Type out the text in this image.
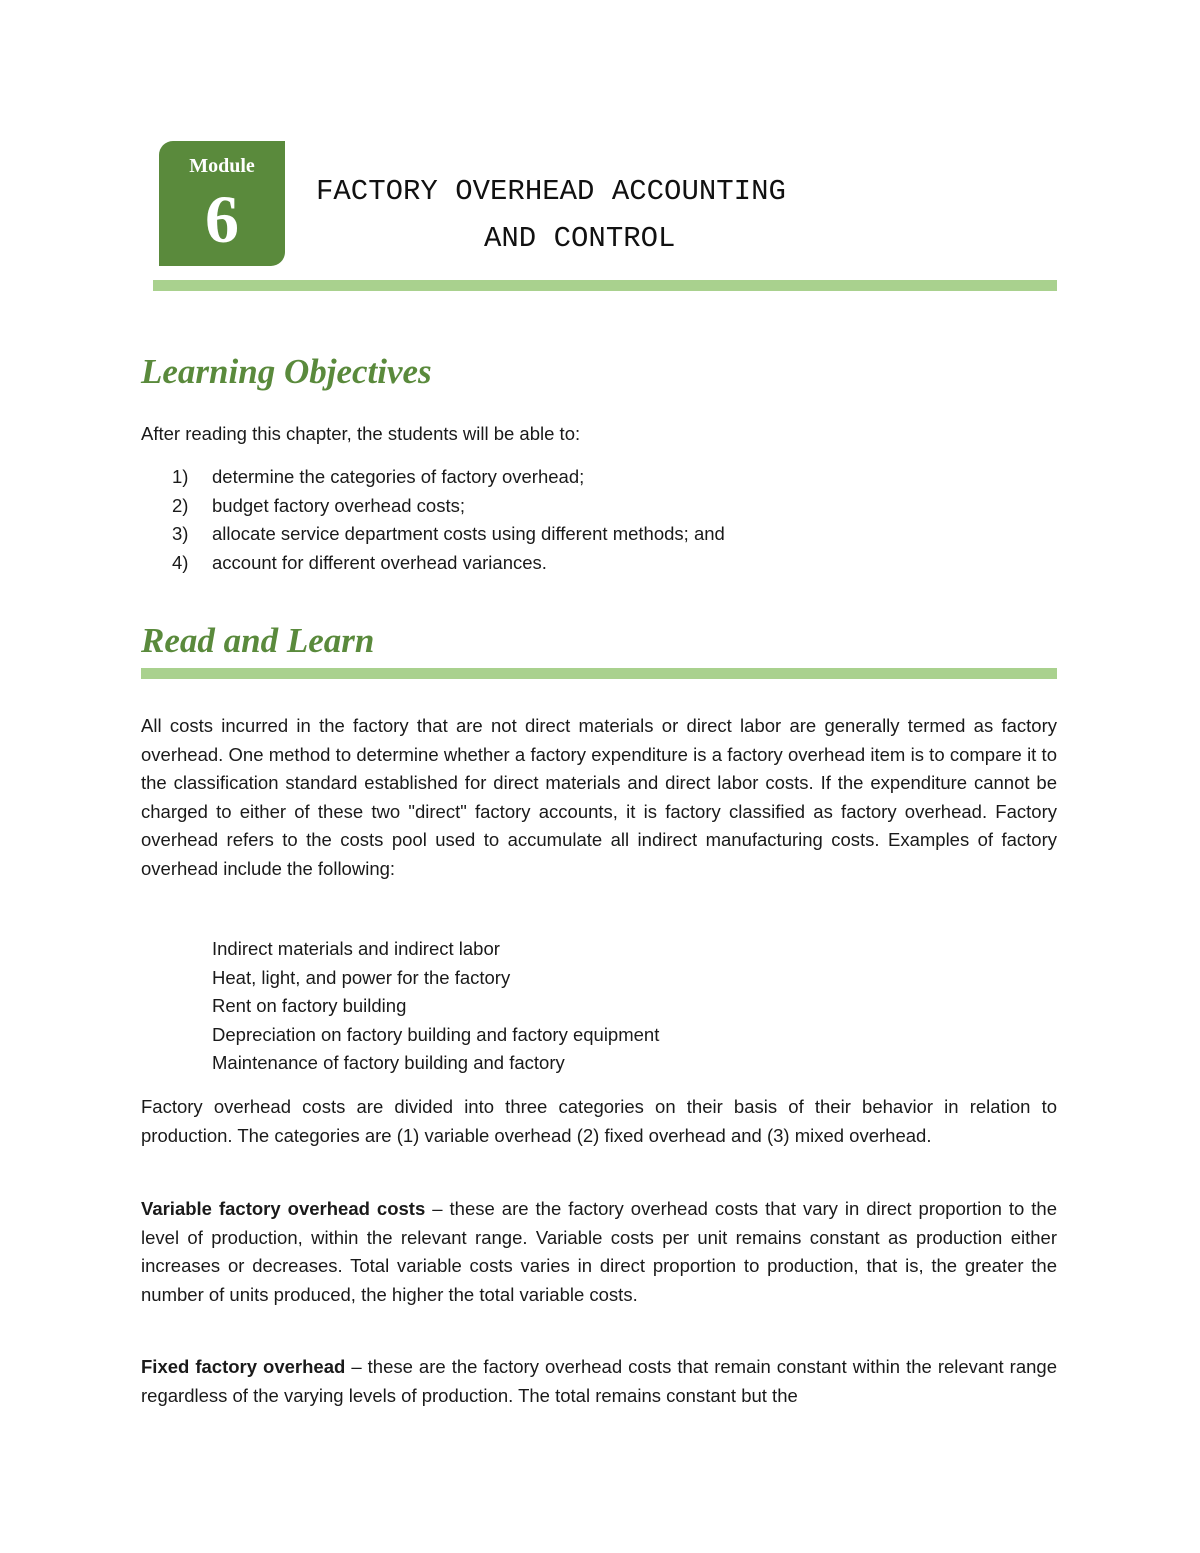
Module
6	FACTORY OVERHEAD ACCOUNTING
AND CONTROL
Learning Objectives
After reading this chapter, the students will be able to:
1) determine the categories of factory overhead;
2) budget factory overhead costs;
3) allocate service department costs using different methods; and
4) account for different overhead variances.
Read and Learn

All costs incurred in the factory that are not direct materials or direct labor are generally termed as factory overhead. One method to determine whether a factory expenditure is a factory overhead item is to compare it to the classification standard established for direct materials and direct labor costs. If the expenditure cannot be charged to either of these two "direct" factory accounts, it is factory classified as factory overhead. Factory overhead refers to the costs pool used to accumulate all indirect manufacturing costs. Examples of factory overhead include the following:

Indirect materials and indirect labor
Heat, light, and power for the factory
Rent on factory building
Depreciation on factory building and factory equipment
Maintenance of factory building and factory

Factory overhead costs are divided into three categories on their basis of their behavior in relation to production. The categories are (1) variable overhead (2) fixed overhead and (3) mixed overhead.

Variable factory overhead costs – these are the factory overhead costs that vary in direct proportion to the level of production, within the relevant range. Variable costs per unit remains constant as production either increases or decreases. Total variable costs varies in direct proportion to production, that is, the greater the number of units produced, the higher the total variable costs.

Fixed factory overhead – these are the factory overhead costs that remain constant within the relevant range regardless of the varying levels of production. The total remains constant but the
